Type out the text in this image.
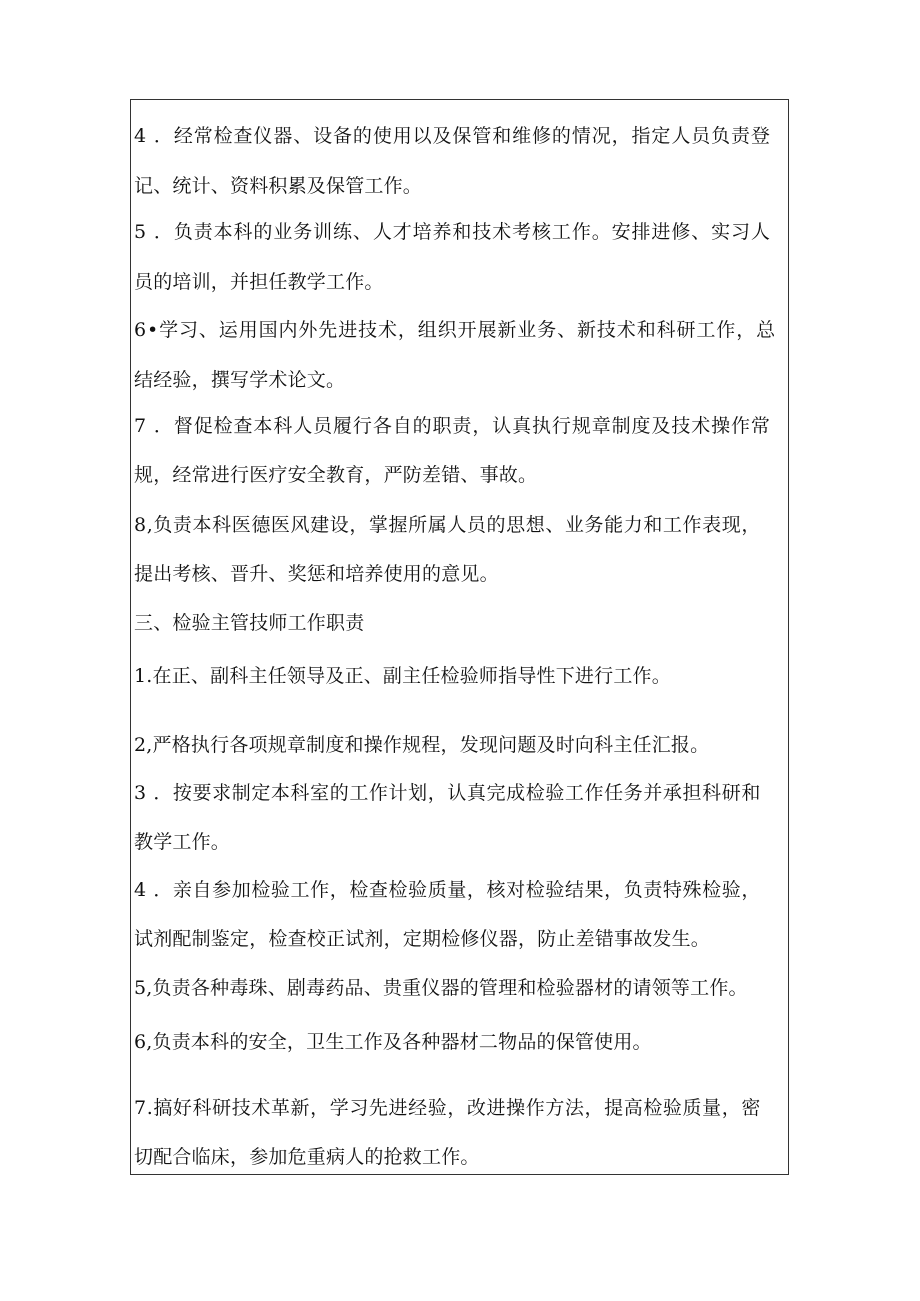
4 ．经常检查仪器、设备的使用以及保管和维修的情况，指定人员负责登
记、统计、资料积累及保管工作。
5 ．负责本科的业务训练、人才培养和技术考核工作。安排进修、实习人
员的培训，并担任教学工作。
6•学习、运用国内外先进技术，组织开展新业务、新技术和科研工作，总
结经验，撰写学术论文。
7 ．督促检查本科人员履行各自的职责，认真执行规章制度及技术操作常
规，经常进行医疗安全教育，严防差错、事故。
8,负责本科医德医风建设，掌握所属人员的思想、业务能力和工作表现，
提出考核、晋升、奖惩和培养使用的意见。
三、检验主管技师工作职责
1.在正、副科主任领导及正、副主任检验师指导性下进行工作。
2,严格执行各项规章制度和操作规程，发现问题及时向科主任汇报。
3 ．按要求制定本科室的工作计划，认真完成检验工作任务并承担科研和
教学工作。
4 ．亲自参加检验工作，检查检验质量，核对检验结果，负责特殊检验，
试剂配制鉴定，检查校正试剂，定期检修仪器，防止差错事故发生。
5,负责各种毒珠、剧毒药品、贵重仪器的管理和检验器材的请领等工作。
6,负责本科的安全，卫生工作及各种器材二物品的保管使用。
7.搞好科研技术革新，学习先进经验，改进操作方法，提高检验质量，密
切配合临床，参加危重病人的抢救工作。
